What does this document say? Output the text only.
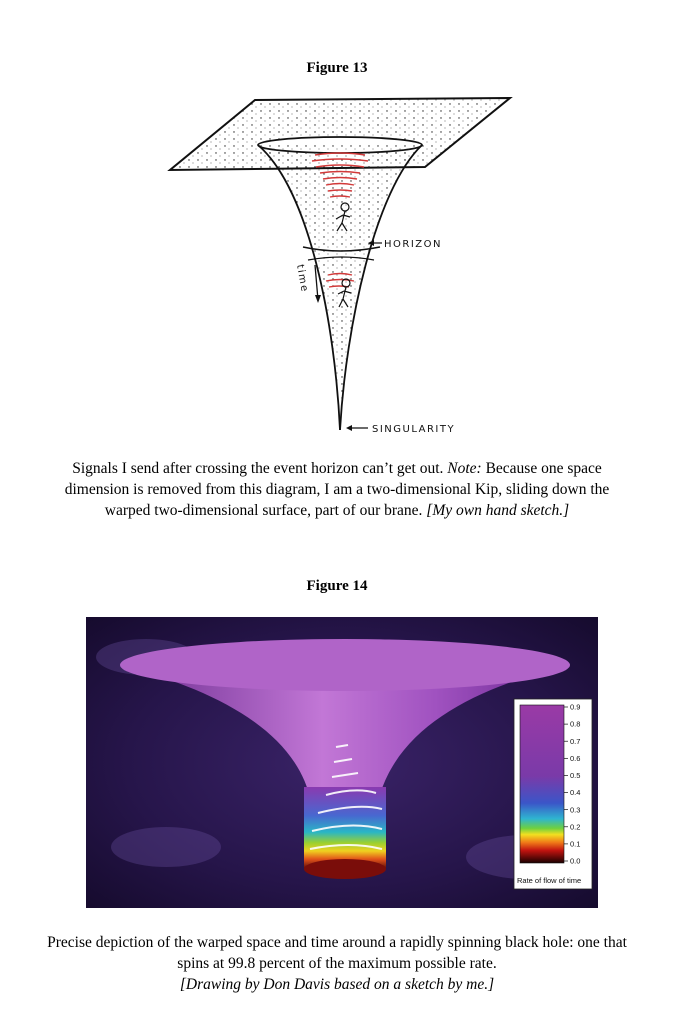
Figure 13
HORIZON
time
SINGULARITY
Signals I send after crossing the event horizon can’t get out. Note: Because one space dimension is removed from this diagram, I am a two-dimensional Kip, sliding down the warped two-dimensional surface, part of our brane. [My own hand sketch.]
Figure 14
0.9
0.8
0.7
0.6
0.5
0.4
0.3
0.2
0.1
0.0
Rate of flow of time
Precise depiction of the warped space and time around a rapidly spinning black hole: one that spins at 99.8 percent of the maximum possible rate.
[Drawing by Don Davis based on a sketch by me.]
